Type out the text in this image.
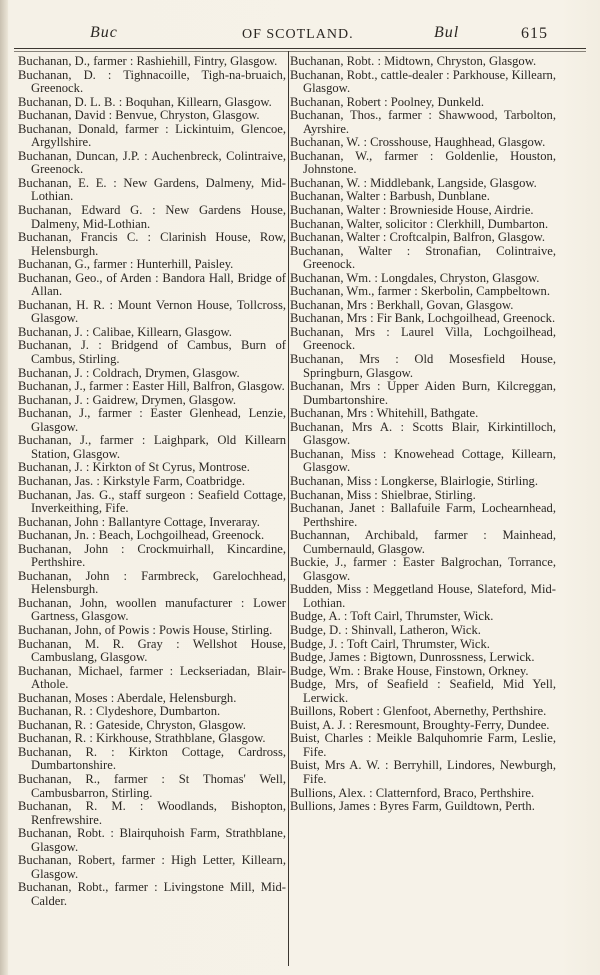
Buc	OF SCOTLAND.	Bul	615

Buchanan, D., farmer : Rashiehill, Fintry, Glasgow.

Buchanan, D. : Tighnacoille, Tigh-na-bruaich, Greenock.

Buchanan, D. L. B. : Boquhan, Killearn, Glasgow.

Buchanan, David : Benvue, Chryston, Glasgow.

Buchanan, Donald, farmer : Lickintuim, Glencoe, Argyllshire.

Buchanan, Duncan, J.P. : Auchenbreck, Colintraive, Greenock.

Buchanan, E. E. : New Gardens, Dalmeny, Mid-Lothian.

Buchanan, Edward G. : New Gardens House, Dalmeny, Mid-Lothian.

Buchanan, Francis C. : Clarinish House, Row, Helensburgh.

Buchanan, G., farmer : Hunterhill, Paisley.

Buchanan, Geo., of Arden : Bandora Hall, Bridge of Allan.

Buchanan, H. R. : Mount Vernon House, Tollcross, Glasgow.

Buchanan, J. : Calibae, Killearn, Glasgow.

Buchanan, J. : Bridgend of Cambus, Burn of Cambus, Stirling.

Buchanan, J. : Coldrach, Drymen, Glasgow.

Buchanan, J., farmer : Easter Hill, Balfron, Glasgow.

Buchanan, J. : Gaidrew, Drymen, Glasgow.

Buchanan, J., farmer : Easter Glenhead, Lenzie, Glasgow.

Buchanan, J., farmer : Laighpark, Old Killearn Station, Glasgow.

Buchanan, J. : Kirkton of St Cyrus, Montrose.

Buchanan, Jas. : Kirkstyle Farm, Coatbridge.

Buchanan, Jas. G., staff surgeon : Seafield Cottage, Inverkeithing, Fife.

Buchanan, John : Ballantyre Cottage, Inveraray.

Buchanan, Jn. : Beach, Lochgoilhead, Greenock.

Buchanan, John : Crockmuirhall, Kincardine, Perthshire.

Buchanan, John : Farmbreck, Garelochhead, Helensburgh.

Buchanan, John, woollen manufacturer : Lower Gartness, Glasgow.

Buchanan, John, of Powis : Powis House, Stirling.

Buchanan, M. R. Gray : Wellshot House, Cambuslang, Glasgow.

Buchanan, Michael, farmer : Leckseriadan, Blair-Athole.

Buchanan, Moses : Aberdale, Helensburgh.

Buchanan, R. : Clydeshore, Dumbarton.

Buchanan, R. : Gateside, Chryston, Glasgow.

Buchanan, R. : Kirkhouse, Strathblane, Glasgow.

Buchanan, R. : Kirkton Cottage, Cardross, Dumbartonshire.

Buchanan, R., farmer : St Thomas' Well, Cambusbarron, Stirling.

Buchanan, R. M. : Woodlands, Bishopton, Renfrewshire.

Buchanan, Robt. : Blairquhoish Farm, Strathblane, Glasgow.

Buchanan, Robert, farmer : High Letter, Killearn, Glasgow.

Buchanan, Robt., farmer : Livingstone Mill, Mid-Calder.

Buchanan, Robt. : Midtown, Chryston, Glasgow.

Buchanan, Robt., cattle-dealer : Parkhouse, Killearn, Glasgow.

Buchanan, Robert : Poolney, Dunkeld.

Buchanan, Thos., farmer : Shawwood, Tarbolton, Ayrshire.

Buchanan, W. : Crosshouse, Haughhead, Glasgow.

Buchanan, W., farmer : Goldenlie, Houston, Johnstone.

Buchanan, W. : Middlebank, Langside, Glasgow.

Buchanan, Walter : Barbush, Dunblane.

Buchanan, Walter : Brownieside House, Airdrie.

Buchanan, Walter, solicitor : Clerkhill, Dumbarton.

Buchanan, Walter : Croftcalpin, Balfron, Glasgow.

Buchanan, Walter : Stronafian, Colintraive, Greenock.

Buchanan, Wm. : Longdales, Chryston, Glasgow.

Buchanan, Wm., farmer : Skerbolin, Campbeltown.

Buchanan, Mrs : Berkhall, Govan, Glasgow.

Buchanan, Mrs : Fir Bank, Lochgoilhead, Greenock.

Buchanan, Mrs : Laurel Villa, Lochgoilhead, Greenock.

Buchanan, Mrs : Old Mosesfield House, Springburn, Glasgow.

Buchanan, Mrs : Upper Aiden Burn, Kilcreggan, Dumbartonshire.

Buchanan, Mrs : Whitehill, Bathgate.

Buchanan, Mrs A. : Scotts Blair, Kirkintilloch, Glasgow.

Buchanan, Miss : Knowehead Cottage, Killearn, Glasgow.

Buchanan, Miss : Longkerse, Blairlogie, Stirling.

Buchanan, Miss : Shielbrae, Stirling.

Buchanan, Janet : Ballafuile Farm, Lochearnhead, Perthshire.

Buchannan, Archibald, farmer : Mainhead, Cumbernauld, Glasgow.

Buckie, J., farmer : Easter Balgrochan, Torrance, Glasgow.

Budden, Miss : Meggetland House, Slateford, Mid-Lothian.

Budge, A. : Toft Cairl, Thrumster, Wick.

Budge, D. : Shinvall, Latheron, Wick.

Budge, J. : Toft Cairl, Thrumster, Wick.

Budge, James : Bigtown, Dunrossness, Lerwick.

Budge, Wm. : Brake House, Finstown, Orkney.

Budge, Mrs, of Seafield : Seafield, Mid Yell, Lerwick.

Buillons, Robert : Glenfoot, Abernethy, Perthshire.

Buist, A. J. : Reresmount, Broughty-Ferry, Dundee.

Buist, Charles : Meikle Balquhomrie Farm, Leslie, Fife.

Buist, Mrs A. W. : Berryhill, Lindores, Newburgh, Fife.

Bullions, Alex. : Clatternford, Braco, Perthshire.

Bullions, James : Byres Farm, Guildtown, Perth.
